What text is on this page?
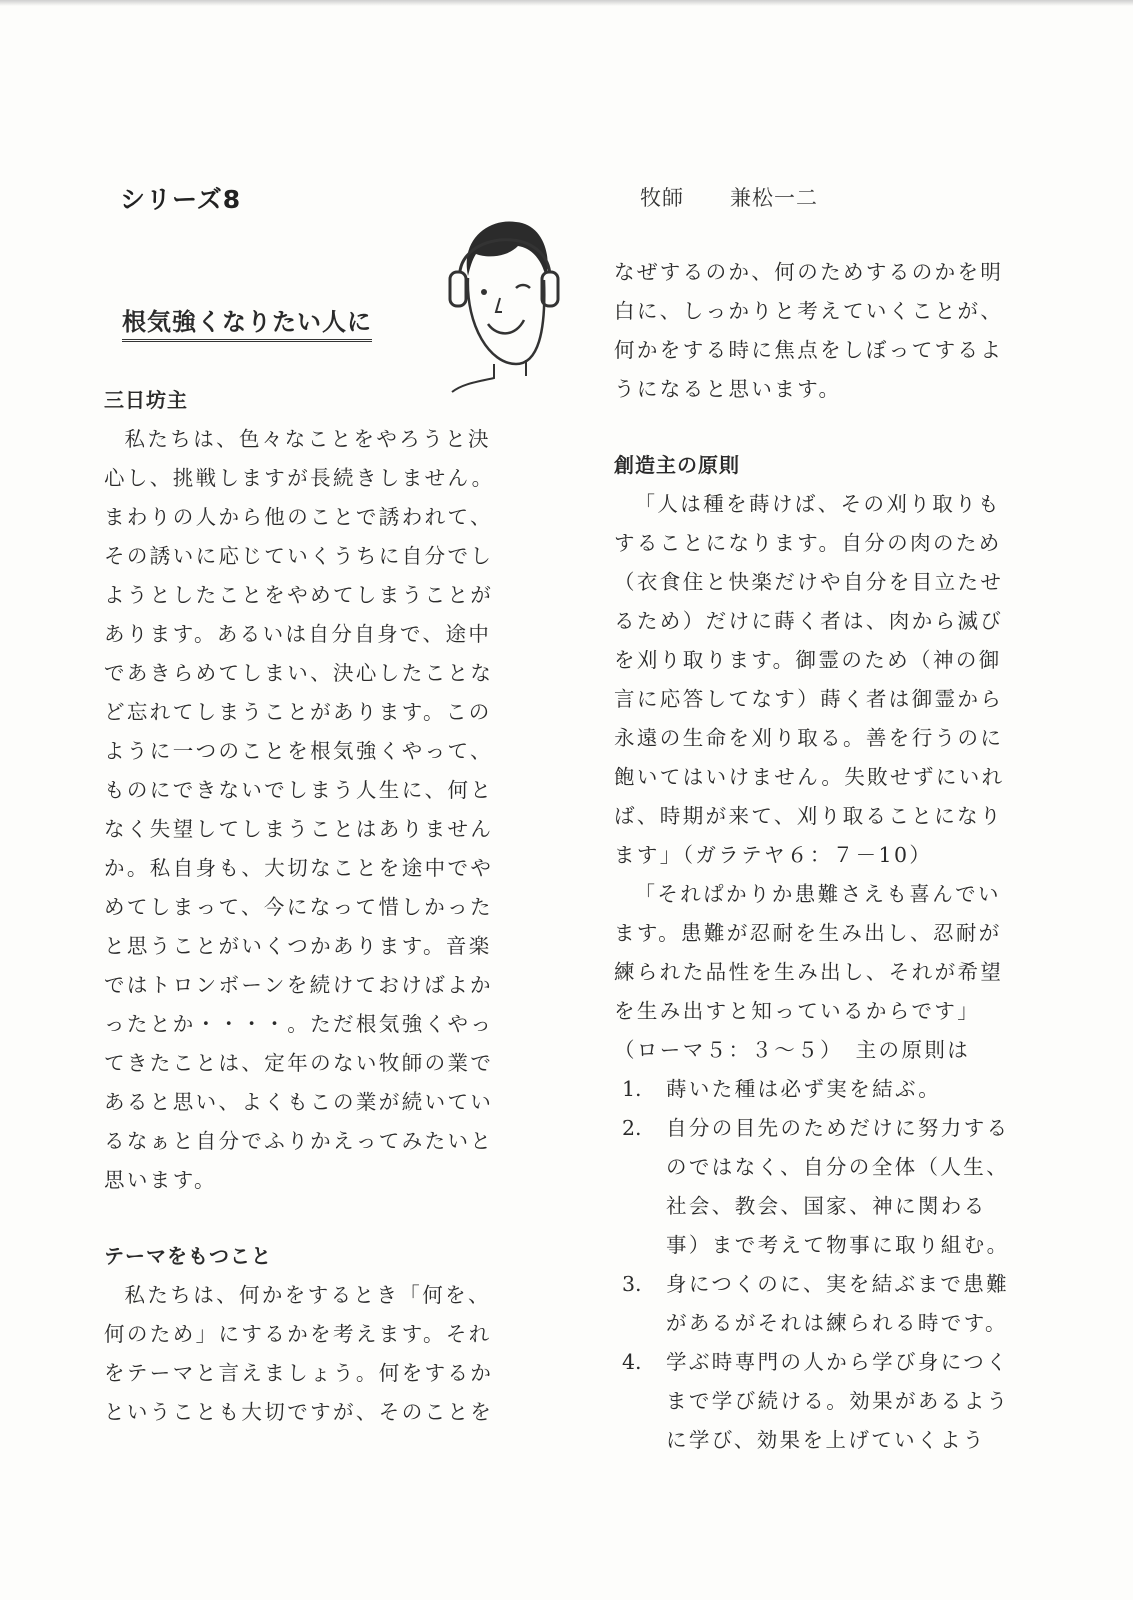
シリーズ8	牧師 兼松一二
根気強くなりたい人に

三日坊主

私たちは、色々なことをやろうと決心し、挑戦しますが長続きしません。まわりの人から他のことで誘われて、その誘いに応じていくうちに自分でしようとしたことをやめてしまうことがあります。あるいは自分自身で、途中であきらめてしまい、決心したことなど忘れてしまうことがあります。このように一つのことを根気強くやって、ものにできないでしまう人生に、何となく失望してしまうことはありませんか。私自身も、大切なことを途中でやめてしまって、今になって惜しかったと思うことがいくつかあります。音楽ではトロンボーンを続けておけばよかったとか・・・・。ただ根気強くやってきたことは、定年のない牧師の業であると思い、よくもこの業が続いているなぁと自分でふりかえってみたいと思います。

テーマをもつこと

私たちは、何かをするとき「何を、何のため」にするかを考えます。それをテーマと言えましょう。何をするかということも大切ですが、そのことを

なぜするのか、何のためするのかを明白に、しっかりと考えていくことが、何かをする時に焦点をしぼってするようになると思います。

創造主の原則

「人は種を蒔けば、その刈り取りもすることになります。自分の肉のため（衣食住と快楽だけや自分を目立たせるため）だけに蒔く者は、肉から滅びを刈り取ります。御霊のため（神の御言に応答してなす）蒔く者は御霊から永遠の生命を刈り取る。善を行うのに飽いてはいけません。失敗せずにいれば、時期が来て、刈り取ることになります」（ガラテヤ６：７－10）

「それぱかりか患難さえも喜んでいます。患難が忍耐を生み出し、忍耐が練られた品性を生み出し、それが希望を生み出すと知っているからです」（ローマ５：３～５）　主の原則は

1.	蒔いた種は必ず実を結ぶ。
2.	自分の目先のためだけに努力するのではなく、自分の全体（人生、社会、教会、国家、神に関わる事）まで考えて物事に取り組む。
3.	身につくのに、実を結ぶまで患難があるがそれは練られる時です。
4.	学ぶ時専門の人から学び身につくまで学び続ける。効果があるように学び、効果を上げていくよう
